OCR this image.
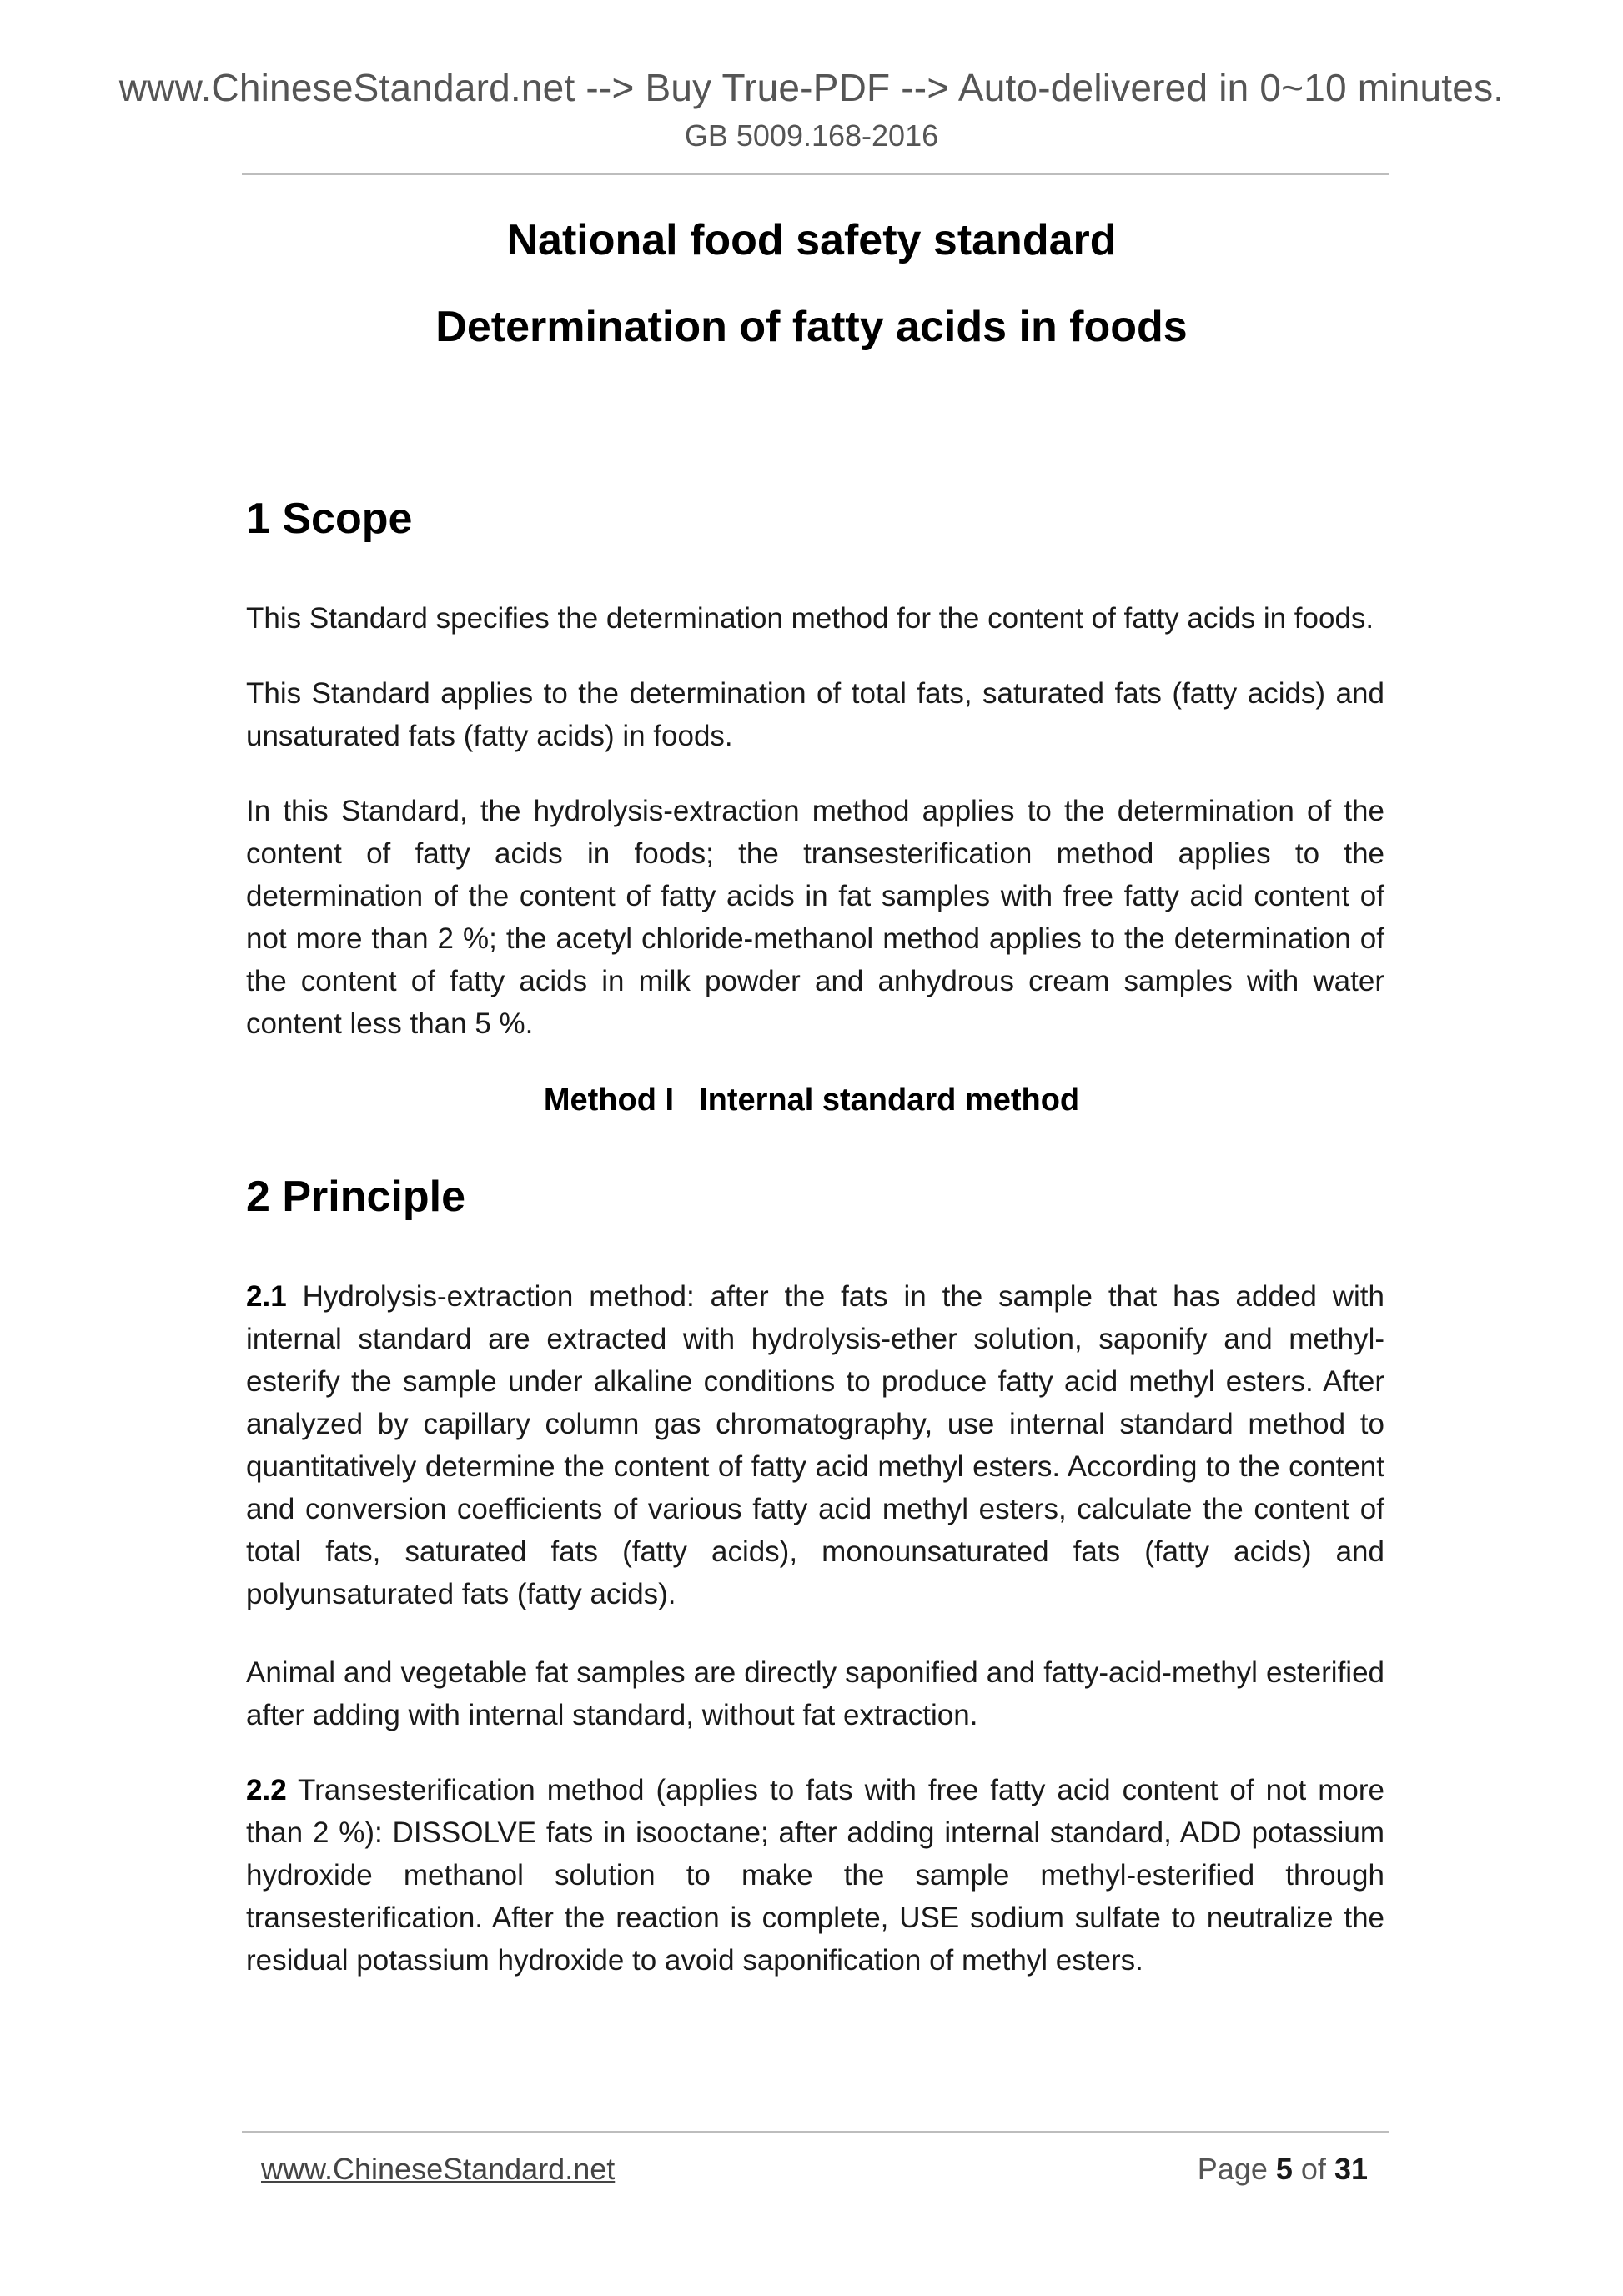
www.ChineseStandard.net --> Buy True-PDF --> Auto-delivered in 0~10 minutes.
GB 5009.168-2016
National food safety standard
Determination of fatty acids in foods
1 Scope
This Standard specifies the determination method for the content of fatty acids in foods.
This Standard applies to the determination of total fats, saturated fats (fatty acids) and unsaturated fats (fatty acids) in foods.
In this Standard, the hydrolysis-extraction method applies to the determination of the content of fatty acids in foods; the transesterification method applies to the determination of the content of fatty acids in fat samples with free fatty acid content of not more than 2 %; the acetyl chloride-methanol method applies to the determination of the content of fatty acids in milk powder and anhydrous cream samples with water content less than 5 %.
Method I Internal standard method
2 Principle
2.1 Hydrolysis-extraction method: after the fats in the sample that has added with internal standard are extracted with hydrolysis-ether solution, saponify and methyl-esterify the sample under alkaline conditions to produce fatty acid methyl esters. After analyzed by capillary column gas chromatography, use internal standard method to quantitatively determine the content of fatty acid methyl esters. According to the content and conversion coefficients of various fatty acid methyl esters, calculate the content of total fats, saturated fats (fatty acids), monounsaturated fats (fatty acids) and polyunsaturated fats (fatty acids).
Animal and vegetable fat samples are directly saponified and fatty-acid-methyl esterified after adding with internal standard, without fat extraction.
2.2 Transesterification method (applies to fats with free fatty acid content of not more than 2 %): DISSOLVE fats in isooctane; after adding internal standard, ADD potassium hydroxide methanol solution to make the sample methyl-esterified through transesterification. After the reaction is complete, USE sodium sulfate to neutralize the residual potassium hydroxide to avoid saponification of methyl esters.
www.ChineseStandard.net	Page 5 of 31
